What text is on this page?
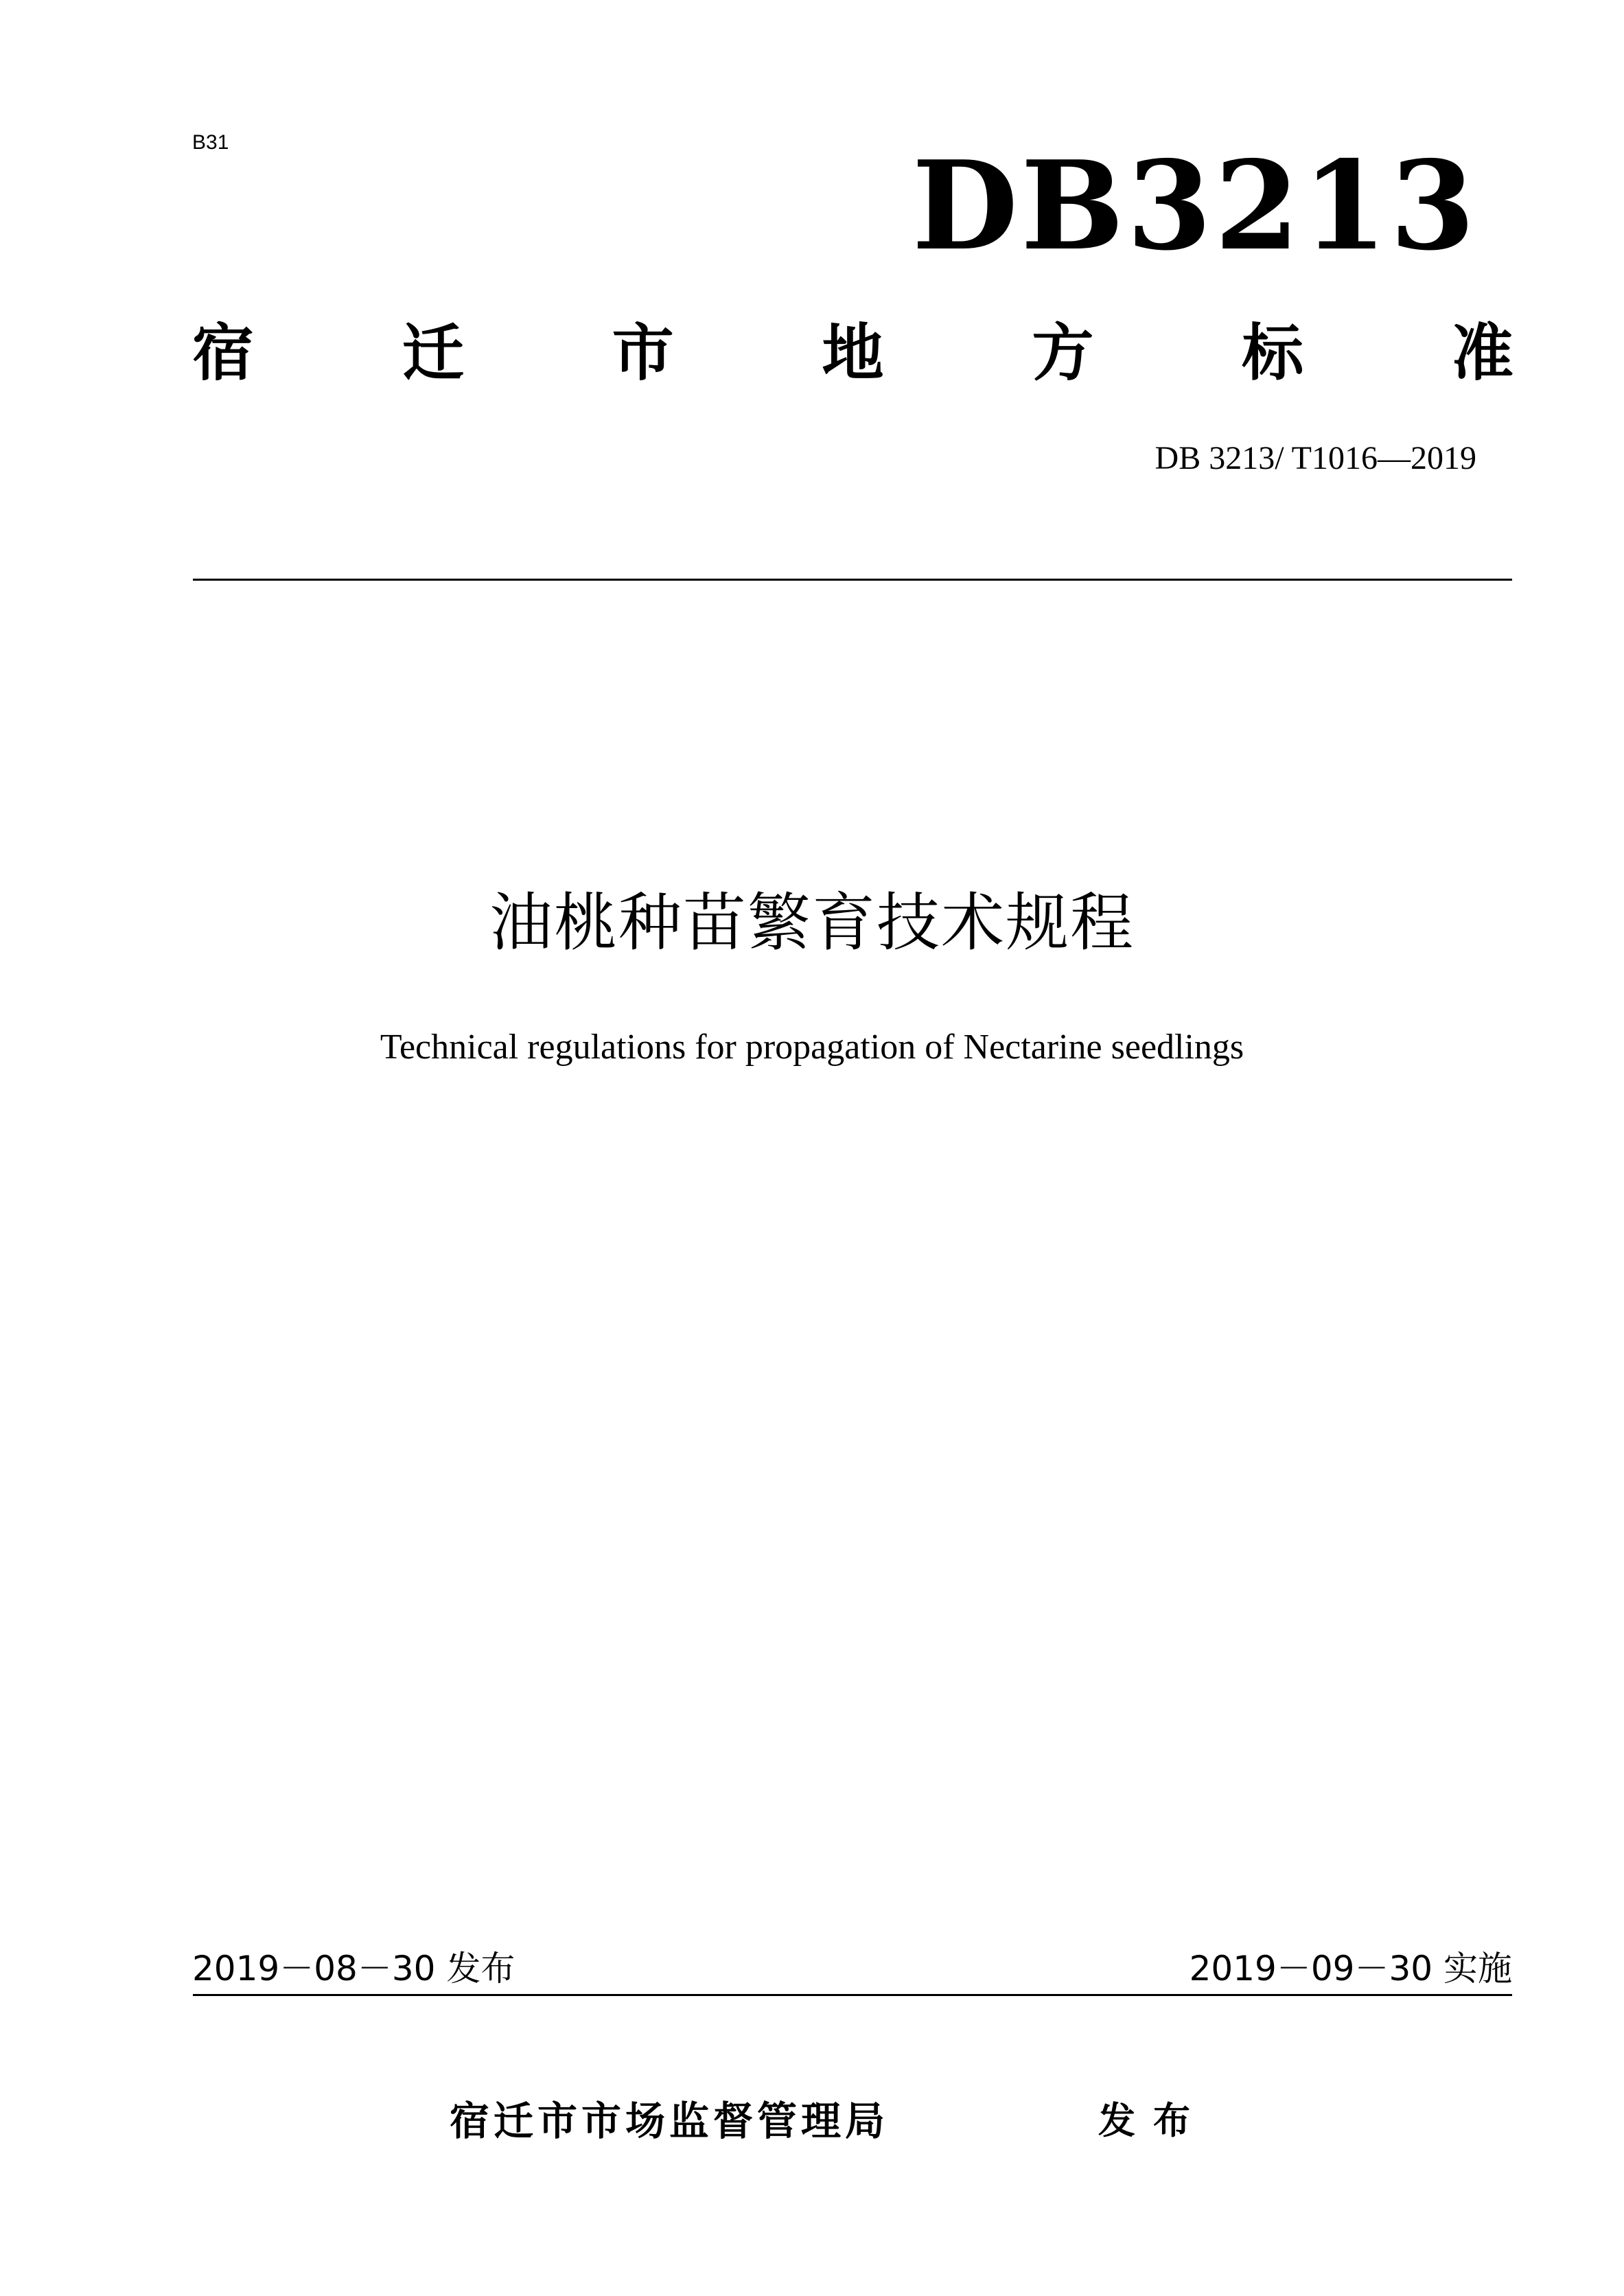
B31	DB3213
宿 迁 市 地 方 标 准
DB 3213/ T1016—2019
油桃种苗繁育技术规程
Technical regulations for propagation of Nectarine seedlings
2019－08－30 发布	2019－09－30 实施
宿迁市市场监督管理局	发布
